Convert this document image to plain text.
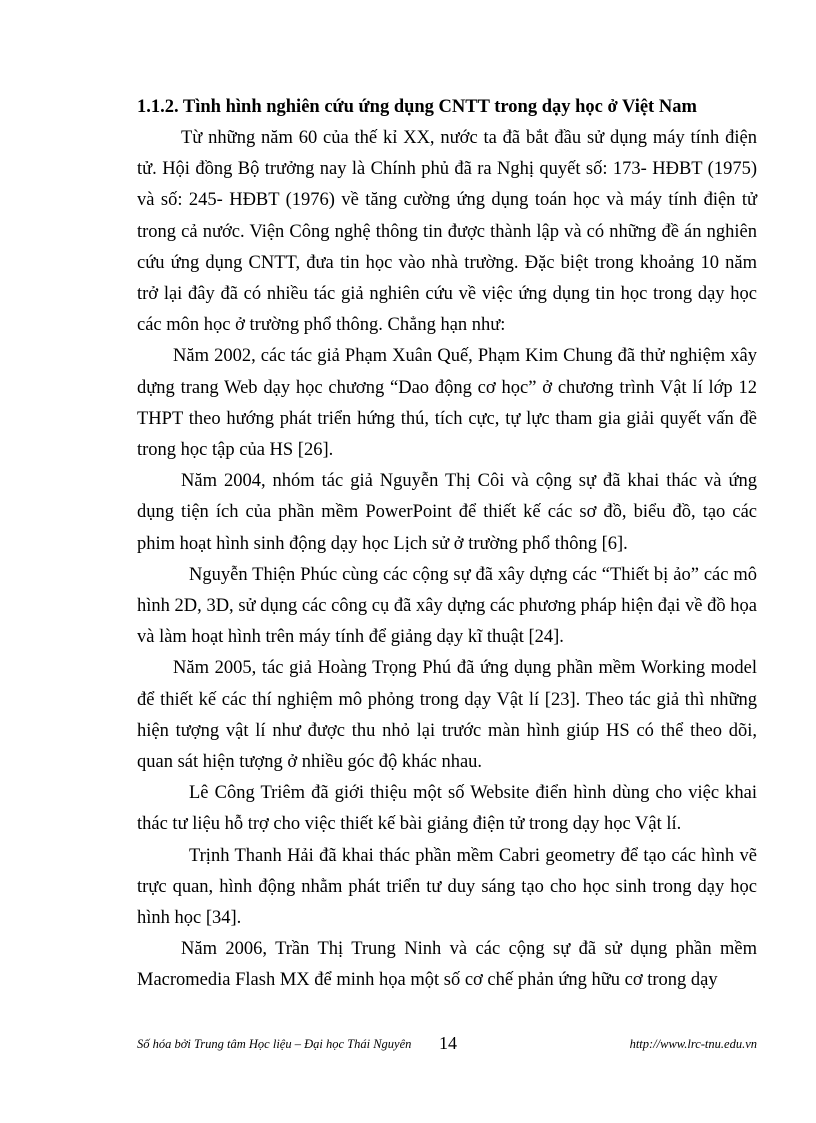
1.1.2. Tình hình nghiên cứu ứng dụng CNTT trong dạy học ở Việt Nam

Từ những năm 60 của thế kỉ XX, nước ta đã bắt đầu sử dụng máy tính điện tử. Hội đồng Bộ trưởng nay là Chính phủ đã ra Nghị quyết số: 173- HĐBT (1975) và số: 245- HĐBT (1976) về tăng cường ứng dụng toán học và máy tính điện tử trong cả nước. Viện Công nghệ thông tin được thành lập và có những đề án nghiên cứu ứng dụng CNTT, đưa tin học vào nhà trường. Đặc biệt trong khoảng 10 năm trở lại đây đã có nhiều tác giả nghiên cứu về việc ứng dụng tin học trong dạy học các môn học ở trường phổ thông. Chẳng hạn như:

Năm 2002, các tác giả Phạm Xuân Quế, Phạm Kim Chung đã thử nghiệm xây dựng trang Web dạy học chương “Dao động cơ học” ở chương trình Vật lí lớp 12 THPT theo hướng phát triển hứng thú, tích cực, tự lực tham gia giải quyết vấn đề trong học tập của HS [26].

Năm 2004, nhóm tác giả Nguyễn Thị Côi và cộng sự đã khai thác và ứng dụng tiện ích của phần mềm PowerPoint để thiết kế các sơ đồ, biểu đồ, tạo các phim hoạt hình sinh động dạy học Lịch sử ở trường phổ thông [6].

Nguyễn Thiện Phúc cùng các cộng sự đã xây dựng các “Thiết bị ảo” các mô hình 2D, 3D, sử dụng các công cụ đã xây dựng các phương pháp hiện đại về đồ họa và làm hoạt hình trên máy tính để giảng dạy kĩ thuật [24].

Năm 2005, tác giả Hoàng Trọng Phú đã ứng dụng phần mềm Working model để thiết kế các thí nghiệm mô phỏng trong dạy Vật lí [23]. Theo tác giả thì những hiện tượng vật lí như được thu nhỏ lại trước màn hình giúp HS có thể theo dõi, quan sát hiện tượng ở nhiều góc độ khác nhau.

Lê Công Triêm đã giới thiệu một số Website điển hình dùng cho việc khai thác tư liệu hỗ trợ cho việc thiết kế bài giảng điện tử trong dạy học Vật lí.

Trịnh Thanh Hải đã khai thác phần mềm Cabri geometry để tạo các hình vẽ trực quan, hình động nhằm phát triển tư duy sáng tạo cho học sinh trong dạy học hình học [34].

Năm 2006, Trần Thị Trung Ninh và các cộng sự đã sử dụng phần mềm Macromedia Flash MX để minh họa một số cơ chế phản ứng hữu cơ trong dạy

Số hóa bởi Trung tâm Học liệu – Đại học Thái Nguyên 14	http://www.lrc-tnu.edu.vn
